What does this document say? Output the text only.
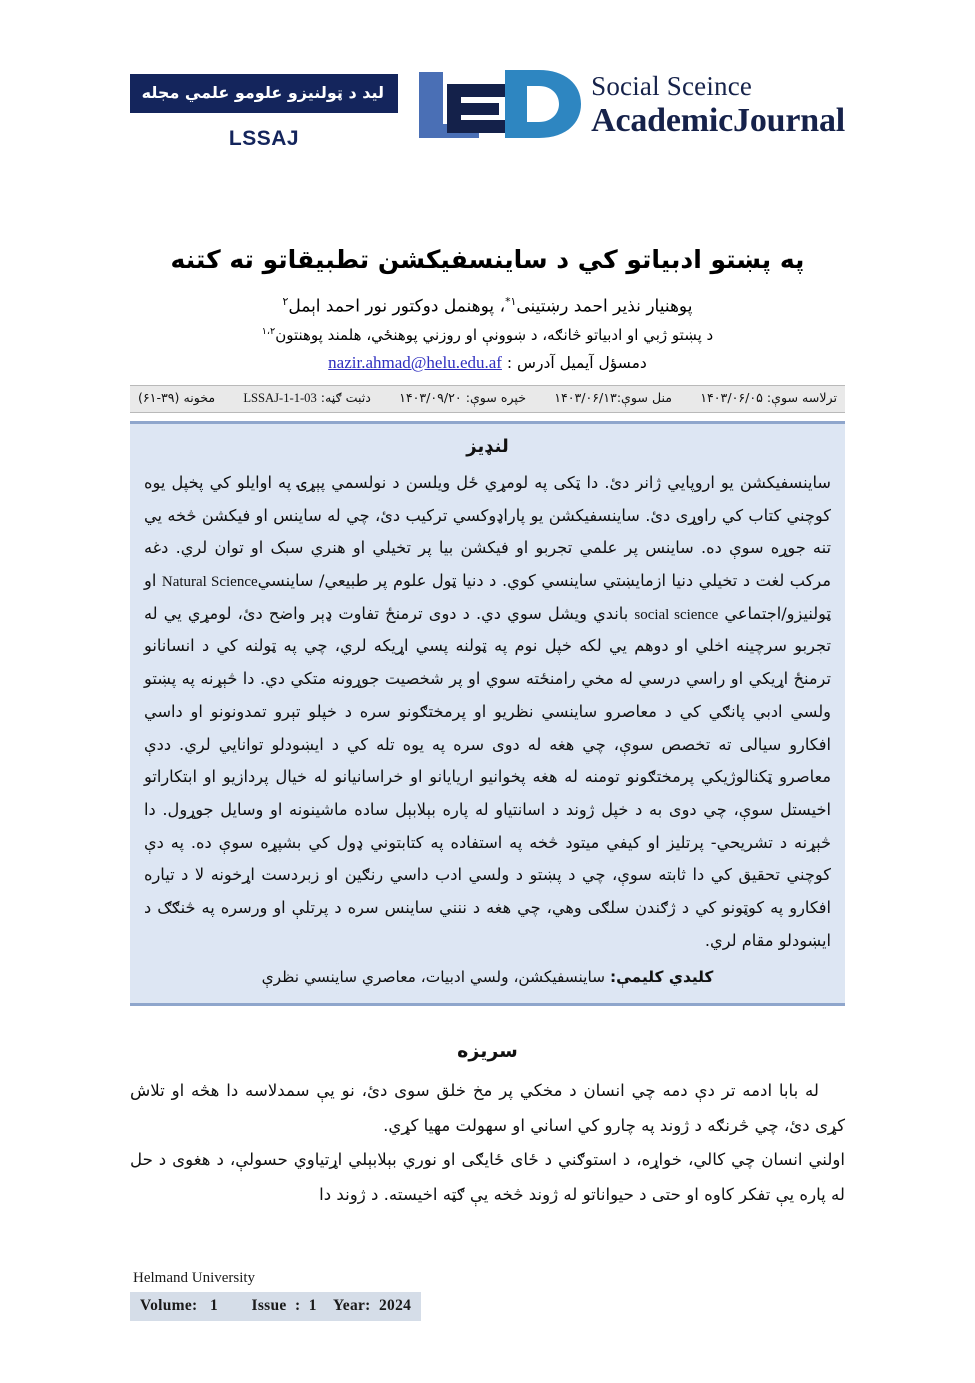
لید د ټولنیزو علومو علمي مجله
LSSAJ
Social Sceince
AcademicJournal
په پښتو ادبیاتو کي د ساینسفیکشن تطبیقاتو ته کتنه

پوهنیار نذیر احمد رښتینی$^{۱*}$، پوهنمل دوکتور نور احمد اېمل$^۲$

د پښتو ژبي او ادبیاتو څانګه، د ښوونې او روزني پوهنځي، هلمند پوهنتون$^{۱،۲}$

دمسؤل آیمیل آدرس : nazir.ahmad@helu.edu.af

ترلاسه سوې: ۱۴۰۳/۰۶/۰۵
منل سوې:۱۴۰۳/۰۶/۱۳
خپره سوې: ۱۴۰۳/۰۹/۲۰
دثبت ګڼه: LSSAJ-1-1-03
مخونه (۳۹-۶۱)
لنډیز

ساینسفیکشن یو اروپایي ژانر دئ. دا ټکی په لومړي ځل ویلسن د نولسمي پېړۍ په اوایلو کي پخپل یوه کوچني کتاب کي راوړی دئ. ساینسفیکشن یو پاراډوکسي ترکیب دئ، چي له ساینس او فیکشن څخه یي تنه جوړه سوې ده. ساینس پر علمي تجربو او فیکشن بیا پر تخیلي او هنري سبک او توان لري. دغه مرکب لغت د تخیلي دنیا ازمایښتي ساینسي کوي. د دنیا ټول علوم پر طبیعي/ ساینسيNatural Science او ټولنیزو/اجتماعي social science باندي ویشل سوي دي. د دوی ترمنځ تفاوت ډېر واضح دئ، لومړي یي له تجربو سرچینه اخلي او دوهم یي لکه خپل نوم په ټولنه پسي اړیکه لري، چي په ټولنه کي د انسانانو ترمنځ اړیکي او راسي درسي له مخي رامنځته سوي او پر شخصیت جوړونه متکي دي. دا څېړنه په پښتو ولسي ادبي پانګي کي د معاصرو ساینسي نظریو او پرمختګونو سره د خپلو تېرو تمدونونو او داسي افکارو سیالی ته تخصص سوې، چي هغه له دوی سره په یوه تله کي د ایښودلو توانایي لري. ددې معاصرو ټکنالوژیکي پرمختګونو تومنه له هغه پخوانیو اریایانو او خراسانیانو له خیال پردازیو او ابتکاراتو اخیستل سوې، چي دوی به د خپل ژوند د اسانتیاو له پاره بېلابېل ساده ماشینونه او وسایل جوړول. دا څېړنه د تشریحي- پرتلیز او کیفي میتود څخه په استفاده په کتابتوني ډول کي بشپړه سوې ده. په دې کوچني تحقیق کي دا ثابته سوې، چي د پښتو د ولسي ادب داسي رنګین او زبردست اړخونه لا د تیاره افکارو په کوټونو کي د ژګندن سلګی وهي، چي هغه د ننني ساینس سره د پرتلې او ورسره په څنګګ د ایښودلو مقام لري.

کلیدي کلیمې: ساینسفیکشن، ولسي ادبیات، معاصري ساینسي نظرې

سریزه

له بابا ادمه تر دې دمه چي انسان د مخكي پر مخ خلق سوی دئ، نو یې سمدلاسه دا هڅه او تلاش کړی دئ، چي څرنګه د ژوند په چارو کي اساني او سهولت مهیا کړي.

اولني انسان چي کالي، خواړه، د استوګني د ځای ځایګی او نوري بېلابېلي اړتیاوي حسولې، د هغوی د حل له پاره یې تفکر کاوه او حتی د حیواناتو له ژوند څخه یې ګټه اخیسته. د ژوند دا

Helmand University
Volume: 1 Issue  : 1 Year: 2024
